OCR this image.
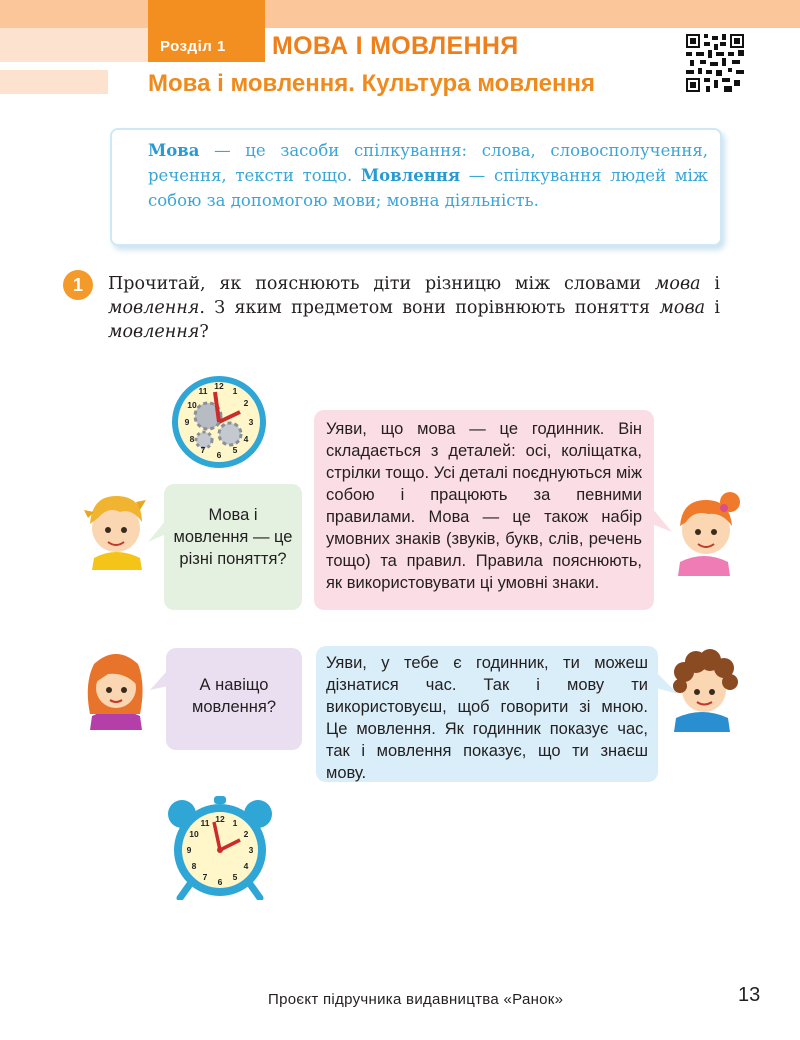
Розділ 1 МОВА І МОВЛЕННЯ
Мова і мовлення. Культура мовлення
Мова — це засоби спілкування: слова, словосполучення, речення, тексти тощо. Мовлення — спілкування людей між собою за допомогою мови; мовна діяльність.
1	Прочитай, як пояснюють діти різницю між словами мова і мовлення. З яким предметом вони порівнюють поняття мова і мовлення?
12 1
2
3
4
5
6
7
8
9
10
11
Мова і мовлення — це різні поняття?
Уяви, що мова — це годинник. Він складається з деталей: осі, коліщатка, стрілки тощо. Усі деталі поєднуються між собою і працюють за певними правилами. Мова — це також набір умовних знаків (звуків, букв, слів, речень тощо) та правил. Правила пояснюють, як використовувати ці умовні знаки.
А навіщо мовлення?
Уяви, у тебе є годинник, ти можеш дізнатися час. Так і мову ти використовуєш, щоб говорити зі мною. Це мовлення. Як годинник показує час, так і мовлення показує, що ти знаєш мову.
12 1
2
3
4
5
6
7
8
9
10
11
Проєкт підручника видавництва «Ранок»	13
